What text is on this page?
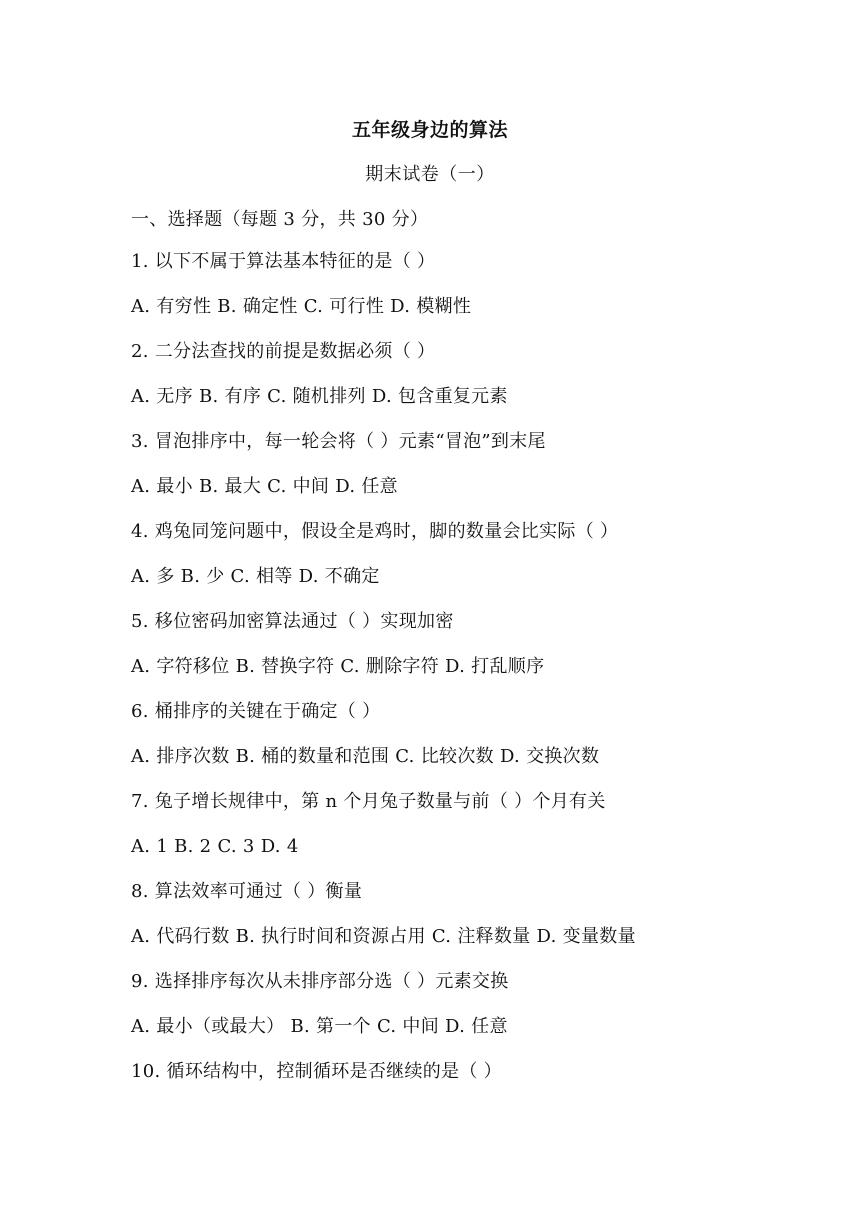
五年级身边的算法
期末试卷（一）
一、选择题（每题 3 分，共 30 分）
1. 以下不属于算法基本特征的是（ ）
A. 有穷性 B. 确定性 C. 可行性 D. 模糊性
2. 二分法查找的前提是数据必须（ ）
A. 无序 B. 有序 C. 随机排列 D. 包含重复元素
3. 冒泡排序中，每一轮会将（ ）元素“冒泡”到末尾
A. 最小 B. 最大 C. 中间 D. 任意
4. 鸡兔同笼问题中，假设全是鸡时，脚的数量会比实际（ ）
A. 多 B. 少 C. 相等 D. 不确定
5. 移位密码加密算法通过（ ）实现加密
A. 字符移位 B. 替换字符 C. 删除字符 D. 打乱顺序
6. 桶排序的关键在于确定（ ）
A. 排序次数 B. 桶的数量和范围 C. 比较次数 D. 交换次数
7. 兔子增长规律中，第 n 个月兔子数量与前（ ）个月有关
A. 1 B. 2 C. 3 D. 4
8. 算法效率可通过（ ）衡量
A. 代码行数 B. 执行时间和资源占用 C. 注释数量 D. 变量数量
9. 选择排序每次从未排序部分选（ ）元素交换
A. 最小（或最大） B. 第一个 C. 中间 D. 任意
10. 循环结构中，控制循环是否继续的是（ ）
